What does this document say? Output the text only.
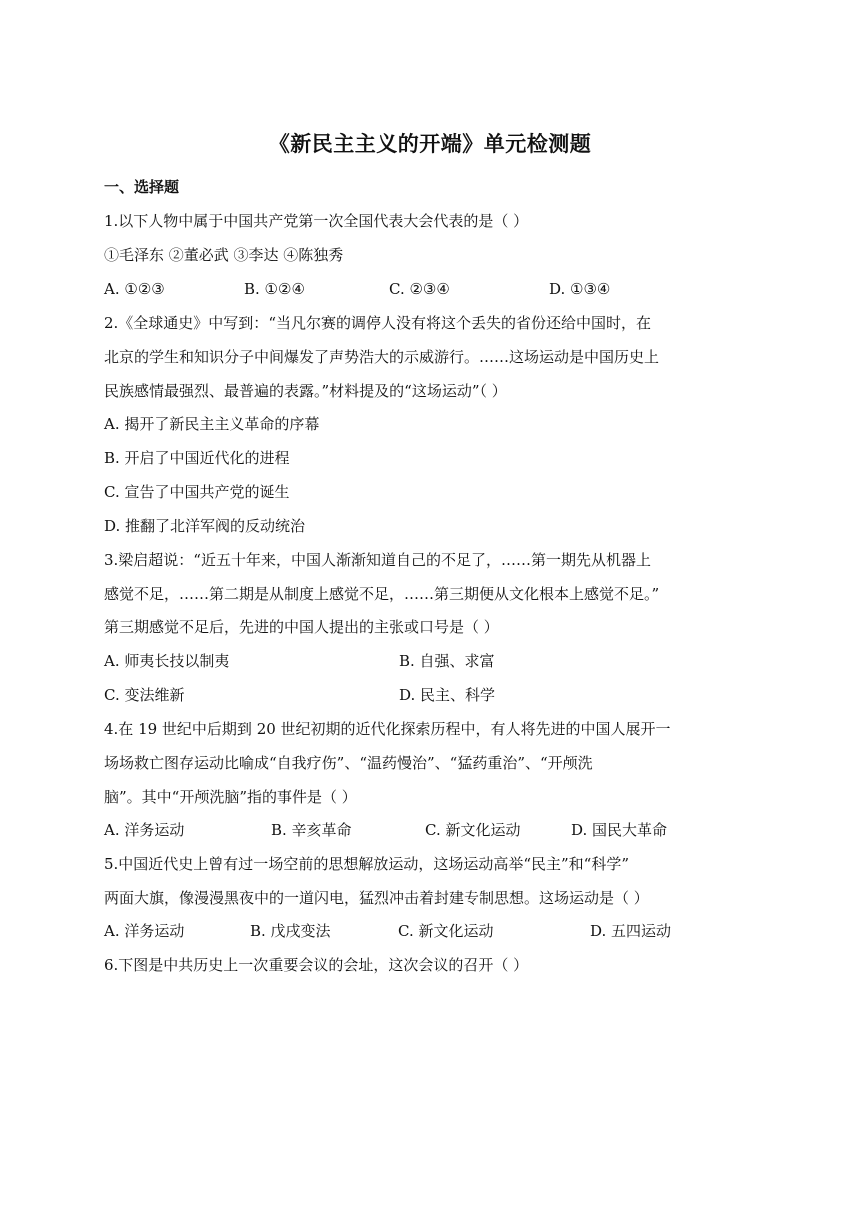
《新民主主义的开端》单元检测题
一、选择题
1.以下人物中属于中国共产党第一次全国代表大会代表的是（ ）
①毛泽东 ②董必武 ③李达 ④陈独秀
A. ①②③	B. ①②④	C. ②③④	D. ①③④
2.《全球通史》中写到：“当凡尔赛的调停人没有将这个丢失的省份还给中国时，在
北京的学生和知识分子中间爆发了声势浩大的示威游行。……这场运动是中国历史上
民族感情最强烈、最普遍的表露。”材料提及的“这场运动”（ ）
A. 揭开了新民主主义革命的序幕
B. 开启了中国近代化的进程
C. 宣告了中国共产党的诞生
D. 推翻了北洋军阀的反动统治
3.梁启超说：“近五十年来，中国人渐渐知道自己的不足了，……第一期先从机器上
感觉不足，……第二期是从制度上感觉不足，……第三期便从文化根本上感觉不足。”
第三期感觉不足后，先进的中国人提出的主张或口号是（ ）
A. 师夷长技以制夷	B. 自强、求富
C. 变法维新	D. 民主、科学
4.在 19 世纪中后期到 20 世纪初期的近代化探索历程中，有人将先进的中国人展开一
场场救亡图存运动比喻成“自我疗伤”、“温药慢治”、“猛药重治”、“开颅洗
脑”。其中“开颅洗脑”指的事件是（ ）
A. 洋务运动	B. 辛亥革命	C. 新文化运动	D. 国民大革命
5.中国近代史上曾有过一场空前的思想解放运动，这场运动高举“民主”和“科学”
两面大旗，像漫漫黑夜中的一道闪电，猛烈冲击着封建专制思想。这场运动是（ ）
A. 洋务运动	B. 戊戌变法	C. 新文化运动	D. 五四运动
6.下图是中共历史上一次重要会议的会址，这次会议的召开（ ）
